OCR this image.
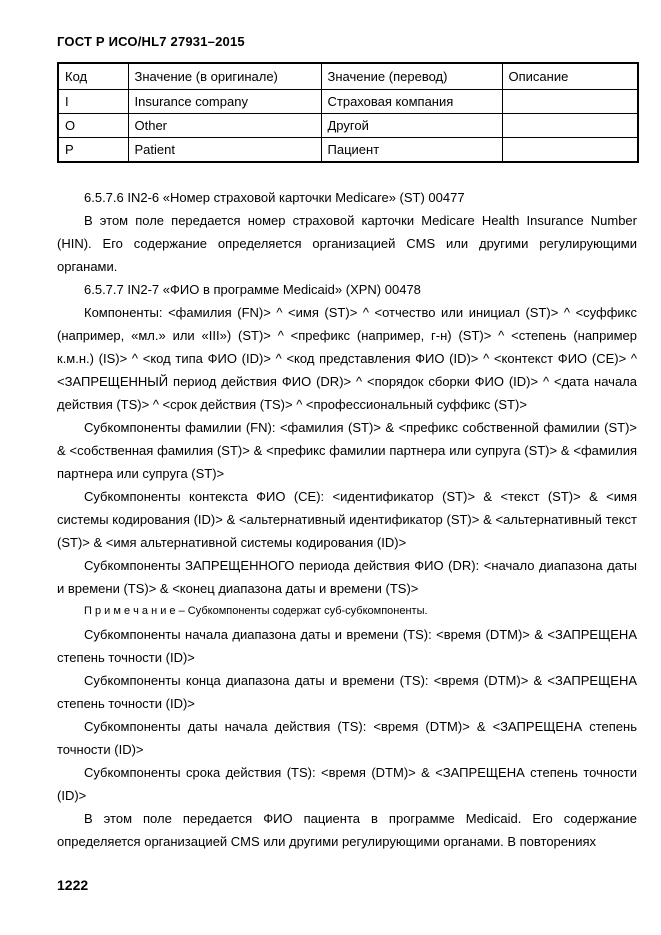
ГОСТ Р ИСО/HL7 27931–2015
Код	Значение (в оригинале)	Значение (перевод)	Описание
I	Insurance company	Страховая компания	
O	Other	Другой	
P	Patient	Пациент	

6.5.7.6 IN2-6 «Номер страховой карточки Medicare» (ST) 00477

В этом поле передается номер страховой карточки Medicare Health Insurance Number (HIN). Его содержание определяется организацией CMS или другими регулирующими органами.

6.5.7.7 IN2-7 «ФИО в программе Medicaid» (XPN) 00478

Компоненты: <фамилия (FN)> ^ <имя (ST)> ^ <отчество или инициал (ST)> ^ <суффикс (например, «мл.» или «III») (ST)> ^ <префикс (например, г-н) (ST)> ^ <степень (например к.м.н.) (IS)> ^ <код типа ФИО (ID)> ^ <код представления ФИО (ID)> ^ <контекст ФИО (CE)> ^ <ЗАПРЕЩЕННЫЙ период действия ФИО (DR)> ^ <порядок сборки ФИО (ID)> ^ <дата начала действия (TS)> ^ <срок действия (TS)> ^ <профессиональный суффикс (ST)>

Субкомпоненты фамилии (FN): <фамилия (ST)> & <префикс собственной фамилии (ST)> & <собственная фамилия (ST)> & <префикс фамилии партнера или супруга (ST)> & <фамилия партнера или супруга (ST)>

Субкомпоненты контекста ФИО (CE): <идентификатор (ST)> & <текст (ST)> & <имя системы кодирования (ID)> & <альтернативный идентификатор (ST)> & <альтернативный текст (ST)> & <имя альтернативной системы кодирования (ID)>

Субкомпоненты ЗАПРЕЩЕННОГО периода действия ФИО (DR): <начало диапазона даты и времени (TS)> & <конец диапазона даты и времени (TS)>

П р и м е ч а н и е – Субкомпоненты содержат суб-субкомпоненты.

Субкомпоненты начала диапазона даты и времени (TS): <время (DTM)> & <ЗАПРЕЩЕНА степень точности (ID)>

Субкомпоненты конца диапазона даты и времени (TS): <время (DTM)> & <ЗАПРЕЩЕНА степень точности (ID)>

Субкомпоненты даты начала действия (TS): <время (DTM)> & <ЗАПРЕЩЕНА степень точности (ID)>

Субкомпоненты срока действия (TS): <время (DTM)> & <ЗАПРЕЩЕНА степень точности (ID)>

В этом поле передается ФИО пациента в программе Medicaid. Его содержание определяется организацией CMS или другими регулирующими органами. В повторениях

1222
